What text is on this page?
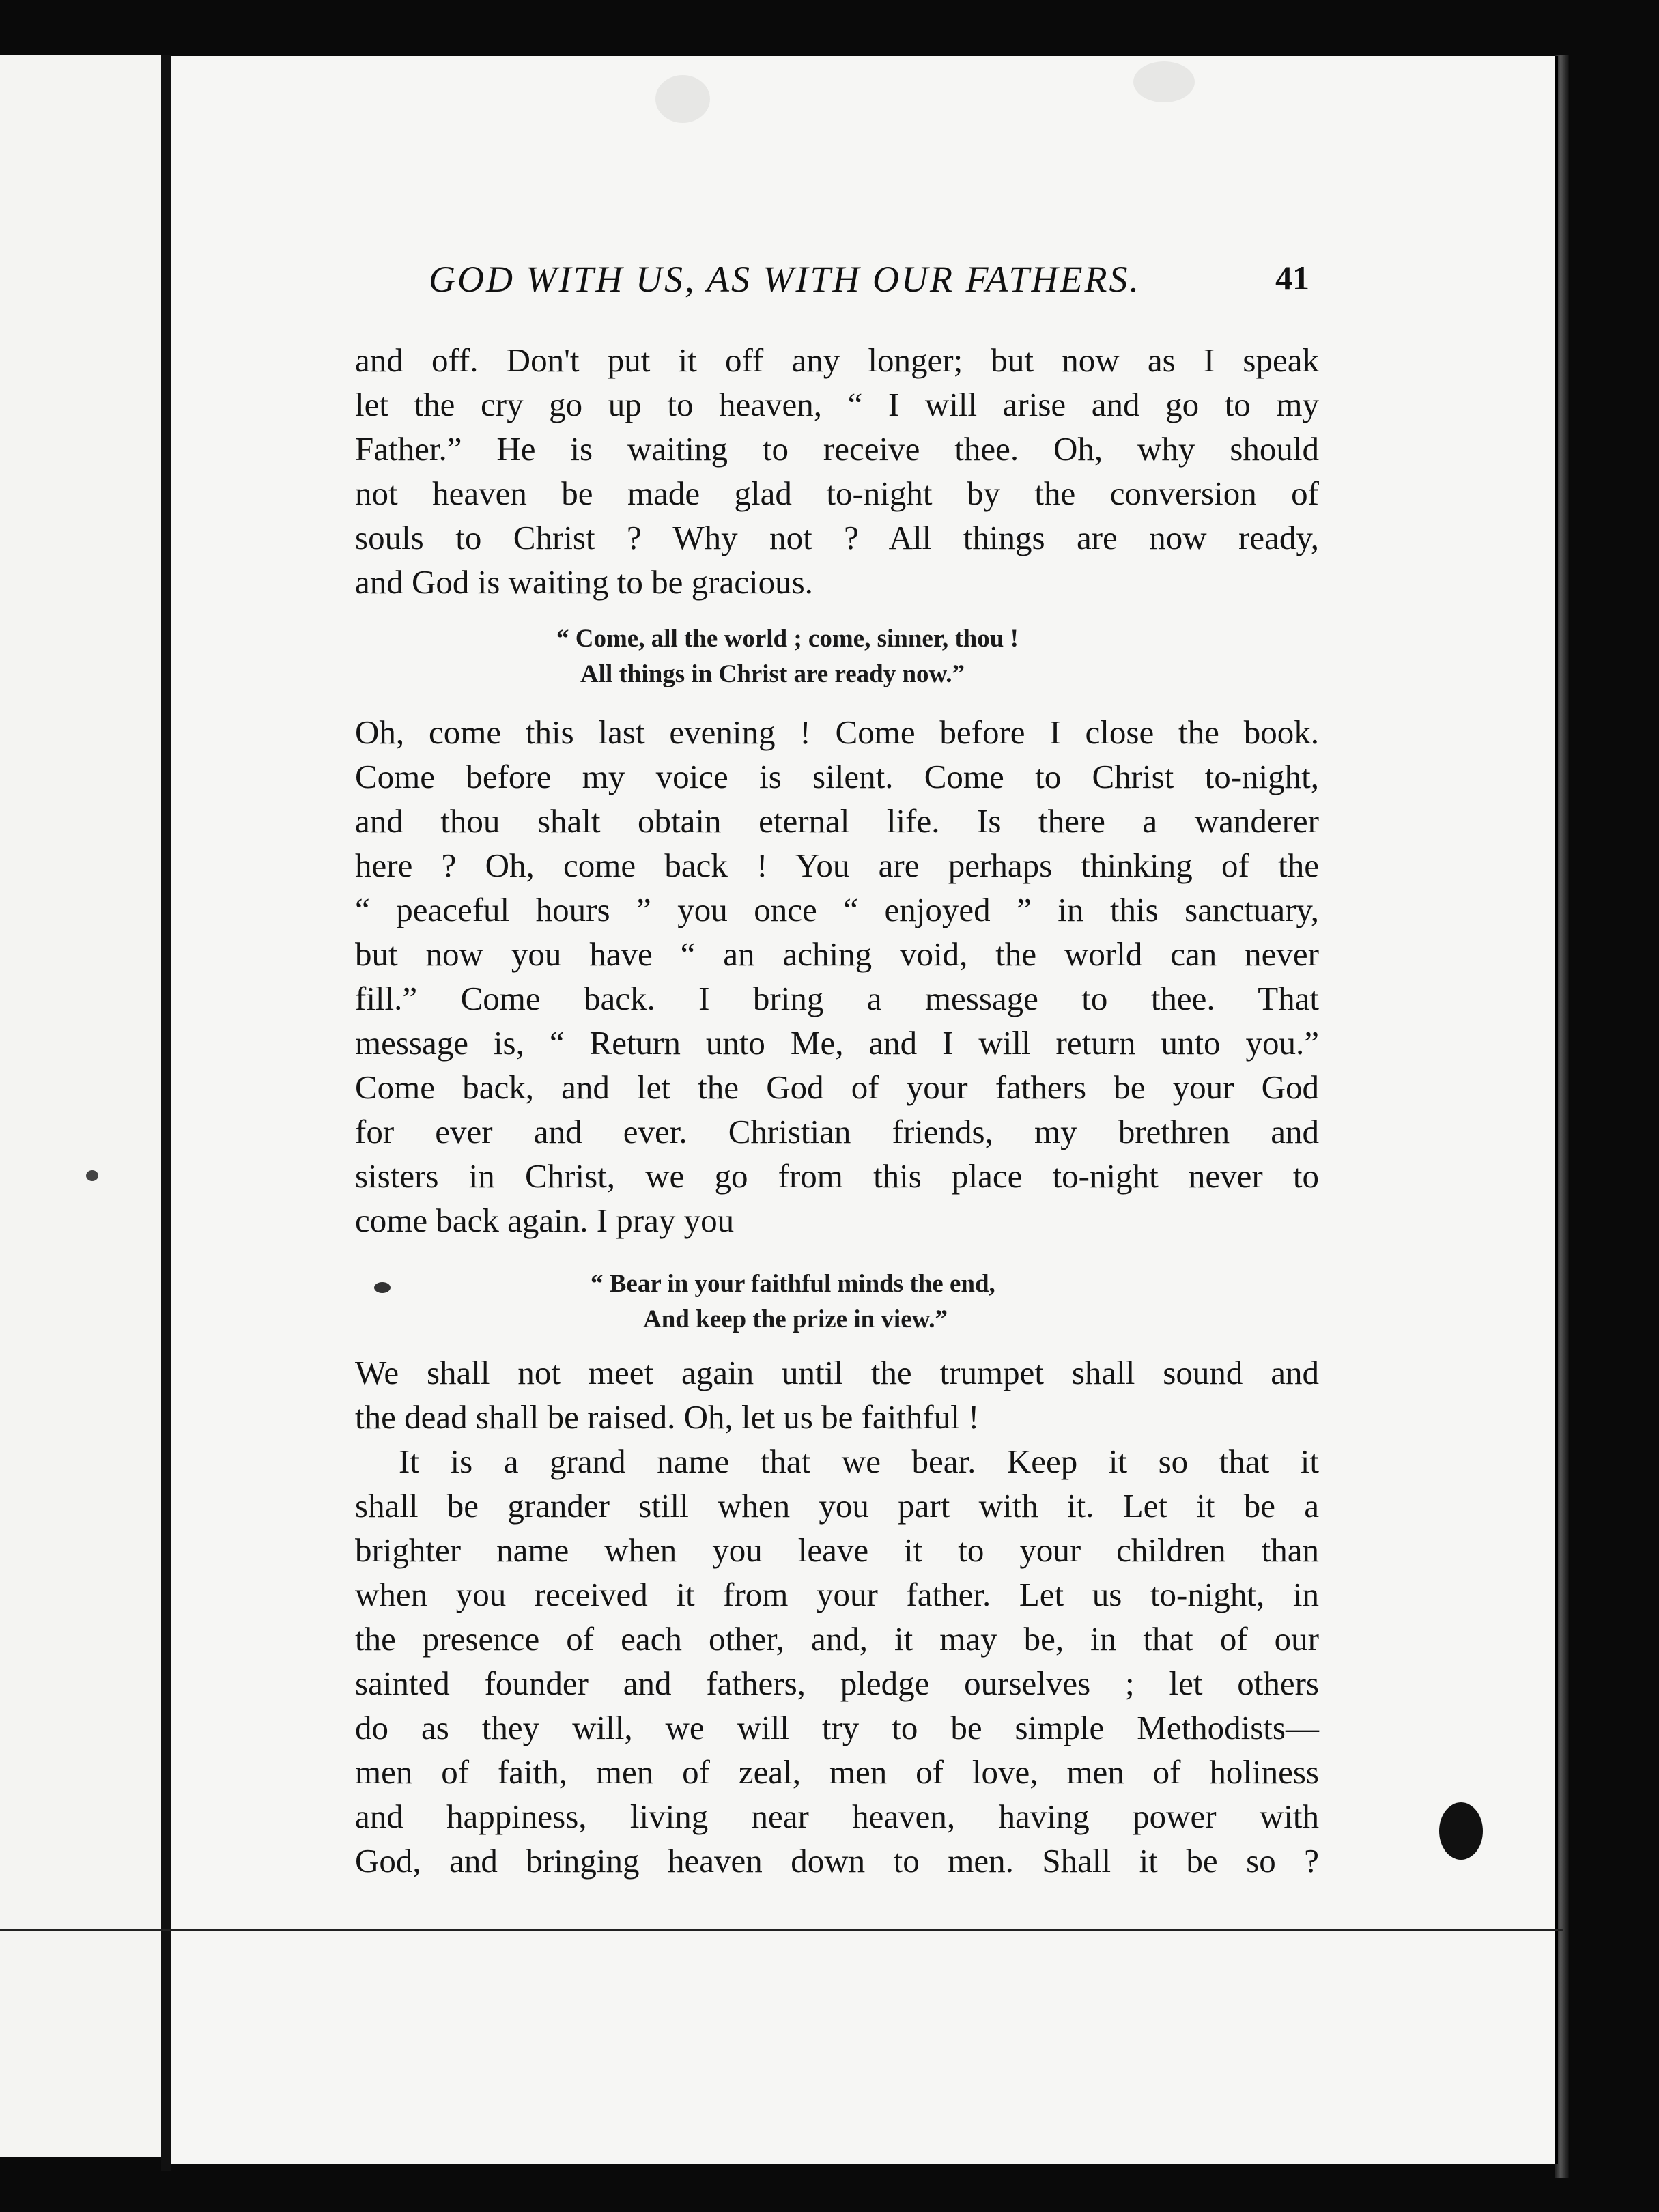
GOD WITH US, AS WITH OUR FATHERS.	41
and off. Don't put it off any longer; but now as I speak
let the cry go up to heaven, “ I will arise and go to my
Father.” He is waiting to receive thee. Oh, why should
not heaven be made glad to-night by the conversion of
souls to Christ ? Why not ? All things are now ready,
and God is waiting to be gracious.
“ Come, all the world ; come, sinner, thou !
All things in Christ are ready now.”
Oh, come this last evening ! Come before I close the book.
Come before my voice is silent. Come to Christ to-night,
and thou shalt obtain eternal life. Is there a wanderer
here ? Oh, come back ! You are perhaps thinking of the
“ peaceful hours ” you once “ enjoyed ” in this sanctuary,
but now you have “ an aching void, the world can never
fill.” Come back. I bring a message to thee. That
message is, “ Return unto Me, and I will return unto you.”
Come back, and let the God of your fathers be your God
for ever and ever. Christian friends, my brethren and
sisters in Christ, we go from this place to-night never to
come back again. I pray you
“ Bear in your faithful minds the end,
And keep the prize in view.”
We shall not meet again until the trumpet shall sound and
the dead shall be raised. Oh, let us be faithful !
It is a grand name that we bear. Keep it so that it
shall be grander still when you part with it. Let it be a
brighter name when you leave it to your children than
when you received it from your father. Let us to-night, in
the presence of each other, and, it may be, in that of our
sainted founder and fathers, pledge ourselves ; let others
do as they will, we will try to be simple Methodists—
men of faith, men of zeal, men of love, men of holiness
and happiness, living near heaven, having power with
God, and bringing heaven down to men. Shall it be so ?
